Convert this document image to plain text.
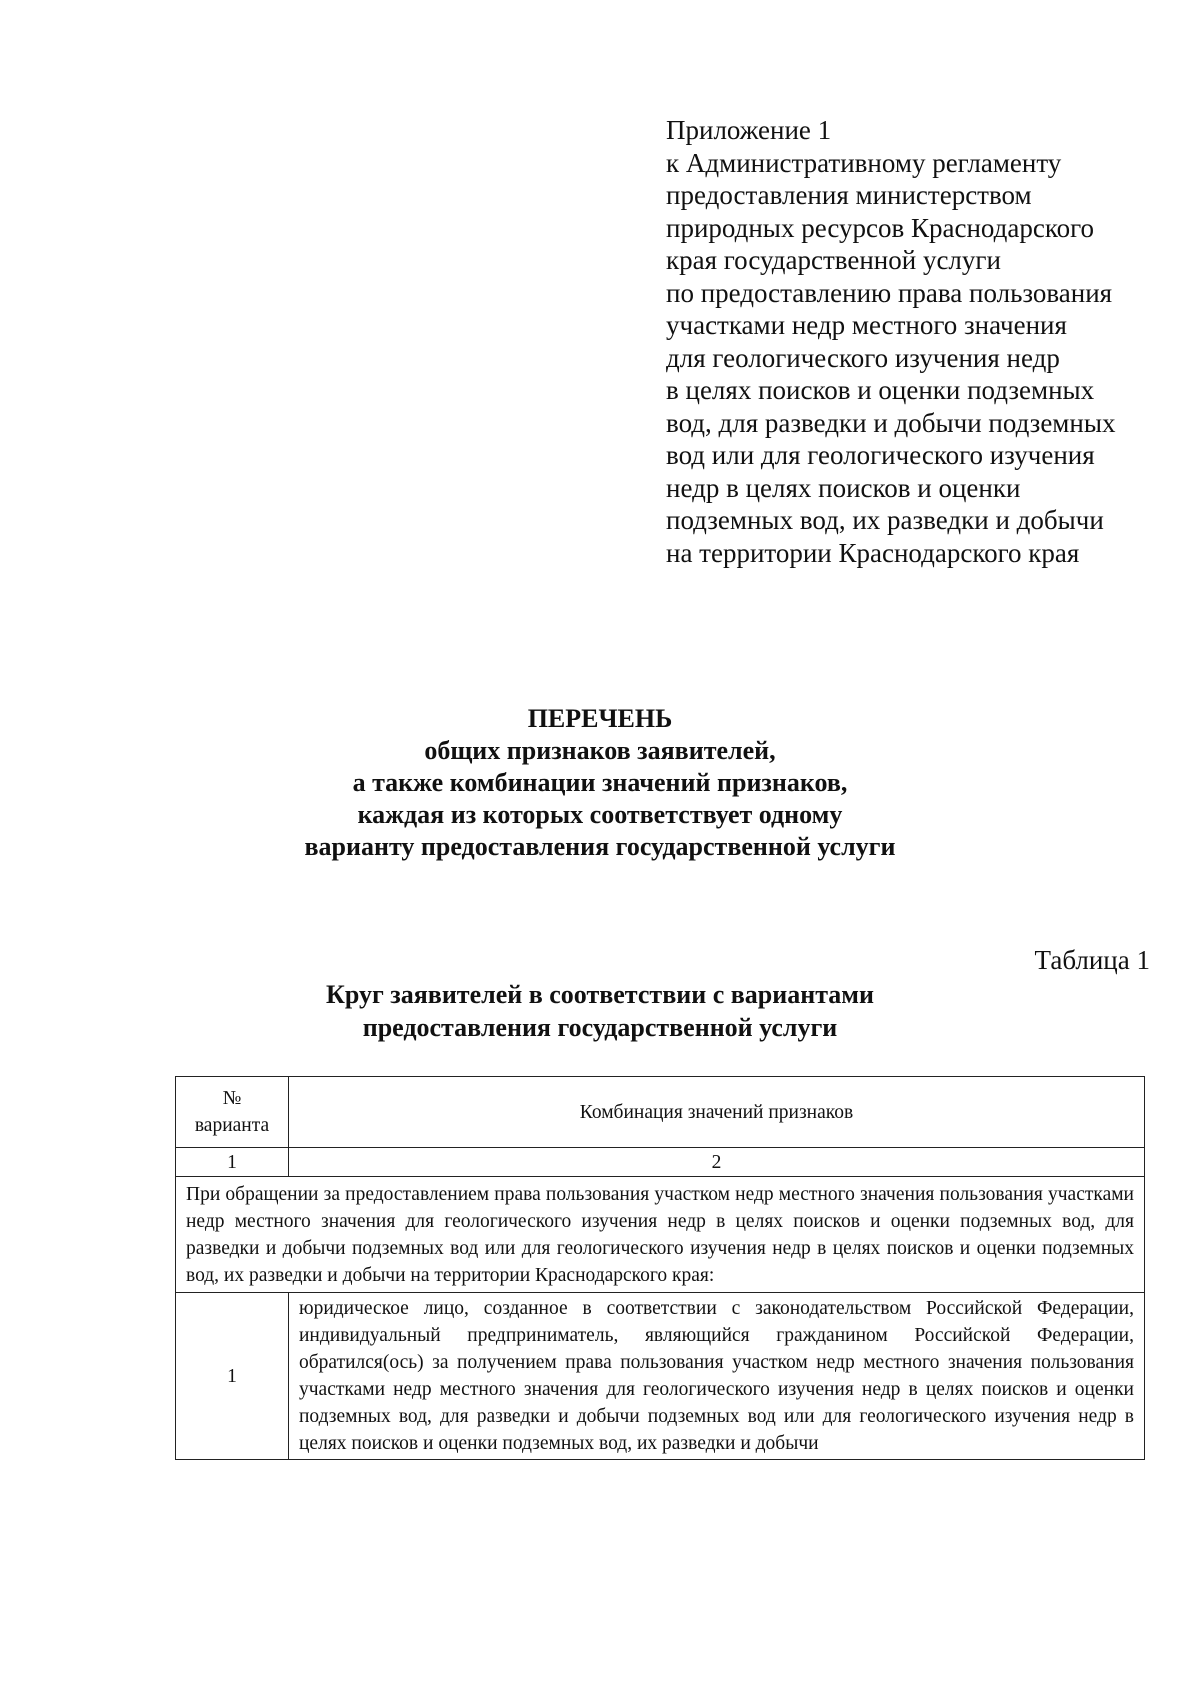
Приложение 1
к Административному регламенту
предоставления министерством
природных ресурсов Краснодарского
края государственной услуги
по предоставлению права пользования
участками недр местного значения
для геологического изучения недр
в целях поисков и оценки подземных
вод, для разведки и добычи подземных
вод или для геологического изучения
недр в целях поисков и оценки
подземных вод, их разведки и добычи
на территории Краснодарского края
ПЕРЕЧЕНЬ
общих признаков заявителей,
а также комбинации значений признаков,
каждая из которых соответствует одному
варианту предоставления государственной услуги
Таблица 1
Круг заявителей в соответствии с вариантами
предоставления государственной услуги
№
варианта	Комбинация значений признаков
1	2
При обращении за предоставлением права пользования участком недр местного значения пользования участками недр местного значения для геологического изучения недр в целях поисков и оценки подземных вод, для разведки и добычи подземных вод или для геологического изучения недр в целях поисков и оценки подземных вод, их разведки и добычи на территории Краснодарского края:	
1	юридическое лицо, созданное в соответствии с законодательством Российской Федерации, индивидуальный предприниматель, являющийся гражданином Российской Федерации, обратился(ось) за получением права пользования участком недр местного значения пользования участками недр местного значения для геологического изучения недр в целях поисков и оценки подземных вод, для разведки и добычи подземных вод или для геологического изучения недр в целях поисков и оценки подземных вод, их разведки и добычи
